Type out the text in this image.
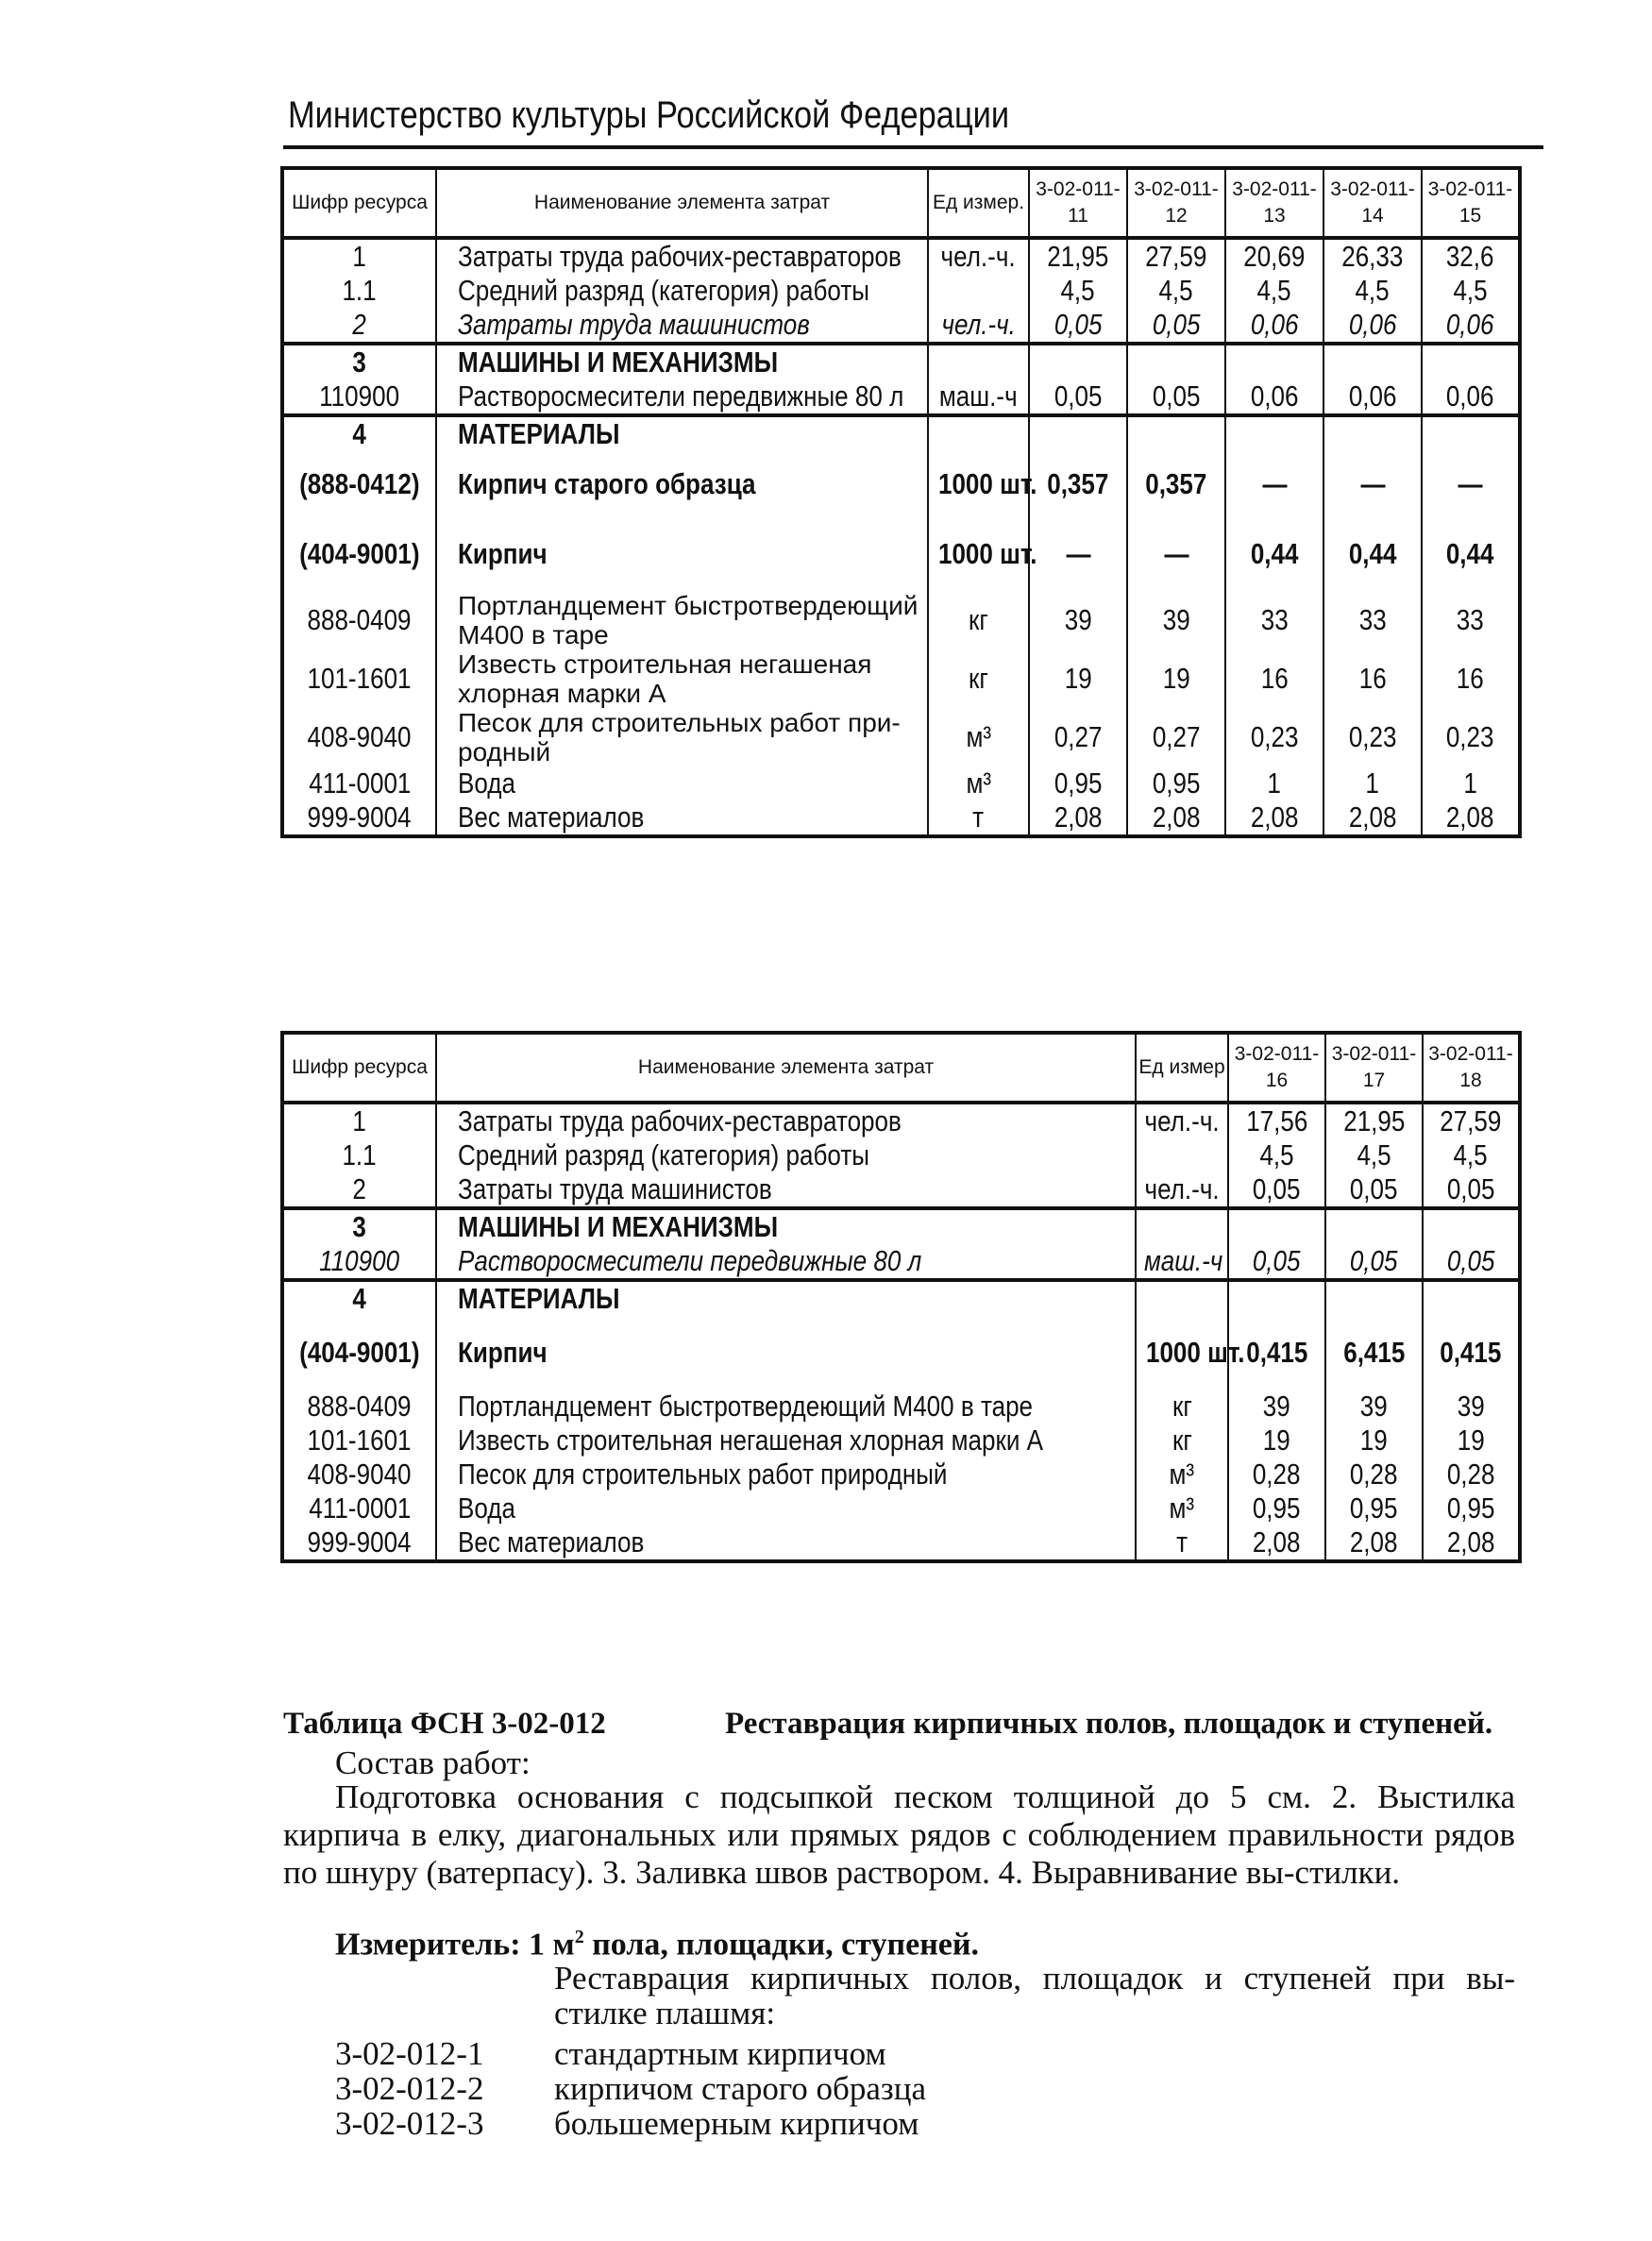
Министерство культуры Российской Федерации
Шифр ресурса	Наименование элемента затрат	Ед измер.	3-02-011-11	3-02-011-12	3-02-011-13	3-02-011-14	3-02-011-15
1	Затраты труда рабочих-реставраторов	чел.-ч.	21,95	27,59	20,69	26,33	32,6
1.1	Средний разряд (категория) работы		4,5	4,5	4,5	4,5	4,5
2	Затраты труда машинистов	чел.-ч.	0,05	0,05	0,06	0,06	0,06
3	МАШИНЫ И МЕХАНИЗМЫ						
110900	Растворосмесители передвижные 80 л	маш.-ч	0,05	0,05	0,06	0,06	0,06
4	МАТЕРИАЛЫ						
(888-0412)	Кирпич старого образца	1000 шт.	0,357	0,357	—	—	—
(404-9001)	Кирпич	1000 шт.	—	—	0,44	0,44	0,44
888-0409	Портландцемент быстротвердеющий М400 в таре	кг	39	39	33	33	33
101-1601	Известь строительная негашеная хлорная марки А	кг	19	19	16	16	16
408-9040	Песок для строительных работ при-родный	м³	0,27	0,27	0,23	0,23	0,23
411-0001	Вода	м³	0,95	0,95	1	1	1
999-9004	Вес материалов	т	2,08	2,08	2,08	2,08	2,08
Шифр ресурса	Наименование элемента затрат	Ед измер	3-02-011-16	3-02-011-17	3-02-011-18
1	Затраты труда рабочих-реставраторов	чел.-ч.	17,56	21,95	27,59
1.1	Средний разряд (категория) работы		4,5	4,5	4,5
2	Затраты труда машинистов	чел.-ч.	0,05	0,05	0,05
3	МАШИНЫ И МЕХАНИЗМЫ				
110900	Растворосмесители передвижные 80 л	маш.-ч	0,05	0,05	0,05
4	МАТЕРИАЛЫ				
(404-9001)	Кирпич	1000 шт.	0,415	6,415	0,415
888-0409	Портландцемент быстротвердеющий М400 в таре	кг	39	39	39
101-1601	Известь строительная негашеная хлорная марки А	кг	19	19	19
408-9040	Песок для строительных работ природный	м³	0,28	0,28	0,28
411-0001	Вода	м³	0,95	0,95	0,95
999-9004	Вес материалов	т	2,08	2,08	2,08
Таблица ФСН 3-02-012	Реставрация кирпичных полов, площадок и ступеней.
Состав работ:
Подготовка основания с подсыпкой песком толщиной до 5 см. 2. Выстилка кирпича в елку, диагональных или прямых рядов с соблюдением правильности рядов по шнуру (ватерпасу). 3. Заливка швов раствором. 4. Выравнивание вы-стилки.
Измеритель: 1 $м^2$ пола, площадки, ступеней.
Реставрация кирпичных полов, площадок и ступеней при вы-стилке плашмя:
3-02-012-1 стандартным кирпичом
3-02-012-2 кирпичом старого образца
3-02-012-3 большемерным кирпичом
